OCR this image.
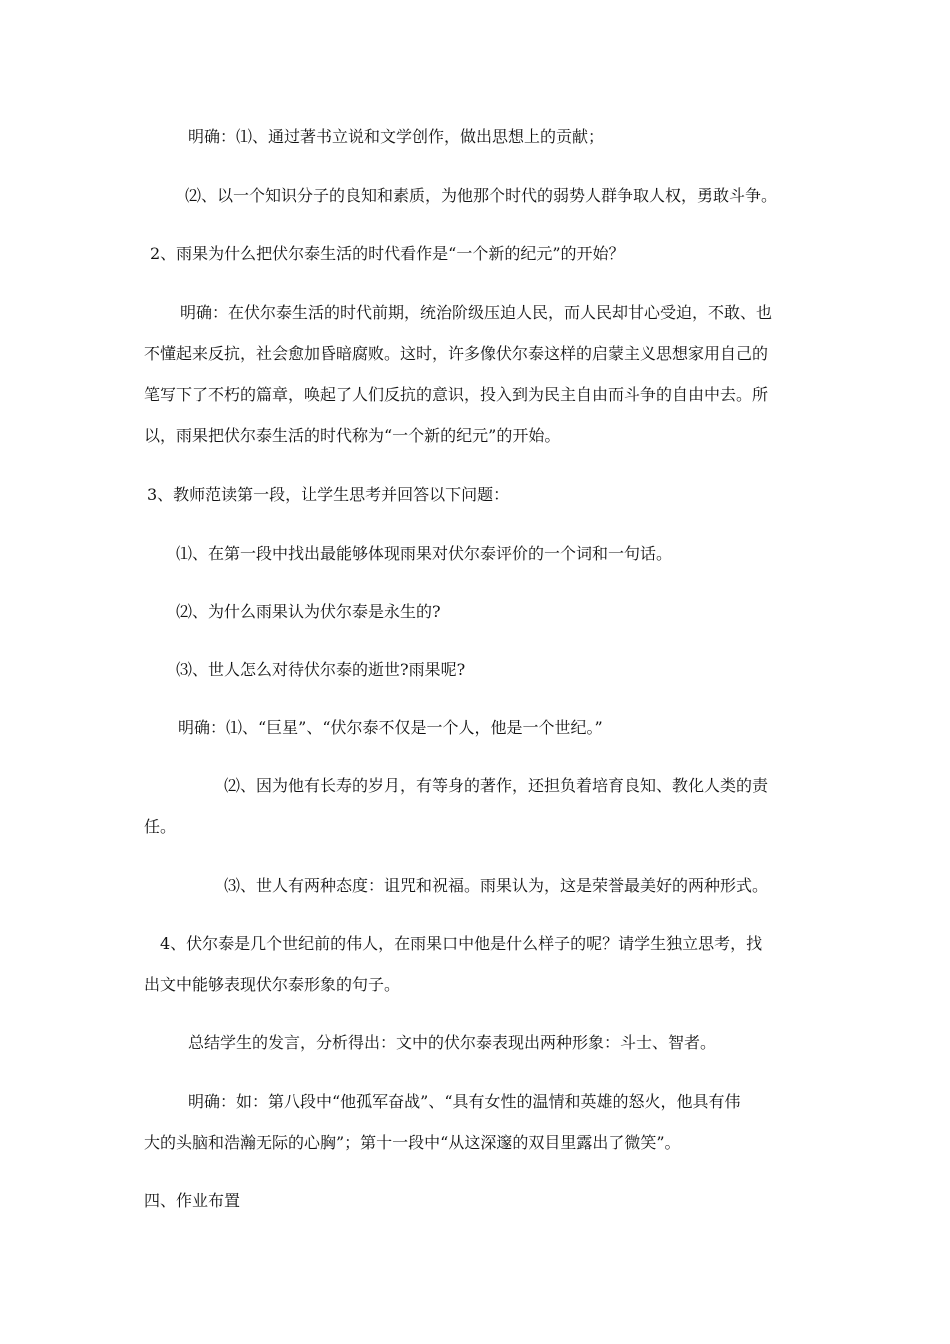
明确：⑴、通过著书立说和文学创作，做出思想上的贡献；
⑵、以一个知识分子的良知和素质，为他那个时代的弱势人群争取人权，勇敢斗争。
2、雨果为什么把伏尔泰生活的时代看作是“一个新的纪元”的开始？
明确：在伏尔泰生活的时代前期，统治阶级压迫人民，而人民却甘心受迫，不敢、也
不懂起来反抗，社会愈加昏暗腐败。这时，许多像伏尔泰这样的启蒙主义思想家用自己的
笔写下了不朽的篇章，唤起了人们反抗的意识，投入到为民主自由而斗争的自由中去。所
以，雨果把伏尔泰生活的时代称为“一个新的纪元”的开始。
3、教师范读第一段，让学生思考并回答以下问题：
⑴、在第一段中找出最能够体现雨果对伏尔泰评价的一个词和一句话。
⑵、为什么雨果认为伏尔泰是永生的?
⑶、世人怎么对待伏尔泰的逝世?雨果呢?
明确：⑴、“巨星”、“伏尔泰不仅是一个人，他是一个世纪。”
⑵、因为他有长寿的岁月，有等身的著作，还担负着培育良知、教化人类的责
任。
⑶、世人有两种态度：诅咒和祝福。雨果认为，这是荣誉最美好的两种形式。
4、伏尔泰是几个世纪前的伟人，在雨果口中他是什么样子的呢？请学生独立思考，找
出文中能够表现伏尔泰形象的句子。
总结学生的发言，分析得出：文中的伏尔泰表现出两种形象：斗士、智者。
明确：如：第八段中“他孤军奋战”、“具有女性的温情和英雄的怒火，他具有伟
大的头脑和浩瀚无际的心胸”；第十一段中“从这深邃的双目里露出了微笑”。
四、作业布置
